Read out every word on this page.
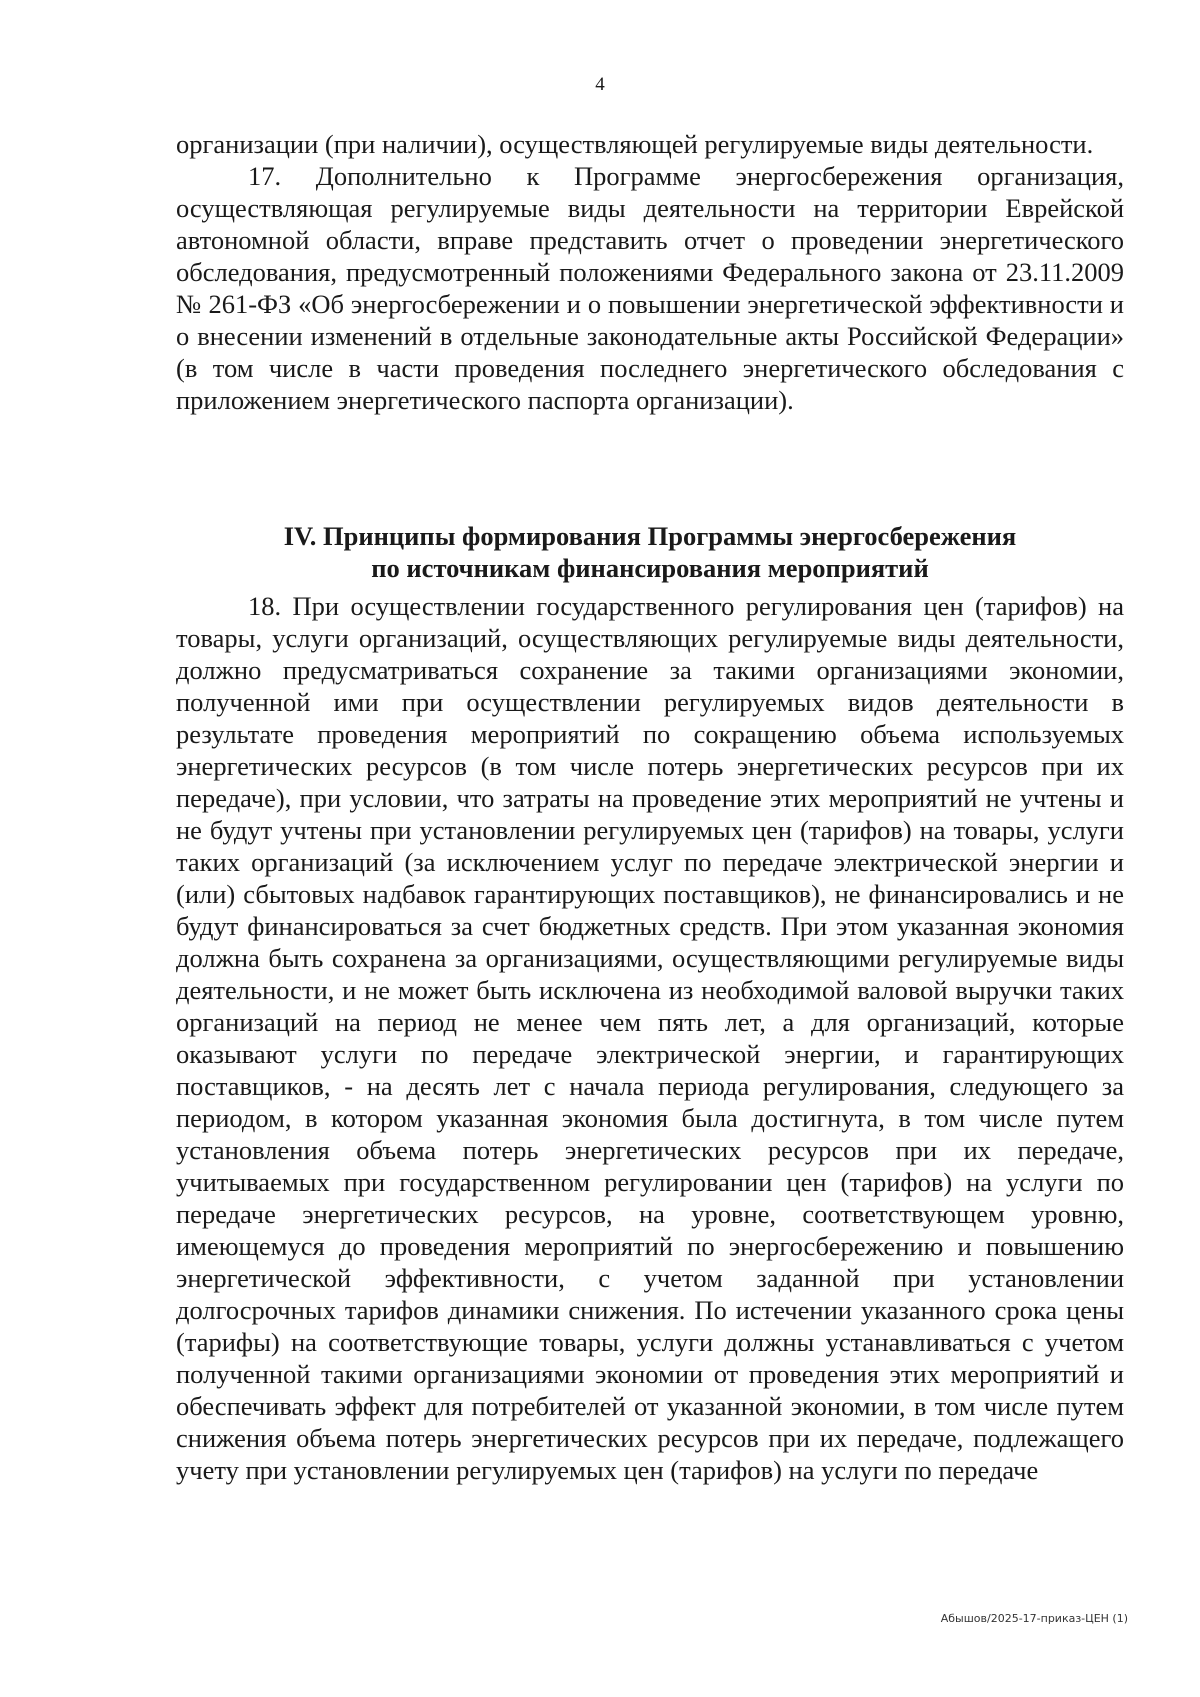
4

организации (при наличии), осуществляющей регулируемые виды деятельности.

17. Дополнительно к Программе энергосбережения организация, осуществляющая регулируемые виды деятельности на территории Еврейской автономной области, вправе представить отчет о проведении энергетического обследования, предусмотренный положениями Федерального закона от 23.11.2009 № 261-ФЗ «Об энергосбережении и о повышении энергетической эффективности и о внесении изменений в отдельные законодательные акты Российской Федерации» (в том числе в части проведения последнего энергетического обследования с приложением энергетического паспорта организации).

IV. Принципы формирования Программы энергосбережения
по источникам финансирования мероприятий

18. При осуществлении государственного регулирования цен (тарифов) на товары, услуги организаций, осуществляющих регулируемые виды деятельности, должно предусматриваться сохранение за такими организациями экономии, полученной ими при осуществлении регулируемых видов деятельности в результате проведения мероприятий по сокращению объема используемых энергетических ресурсов (в том числе потерь энергетических ресурсов при их передаче), при условии, что затраты на проведение этих мероприятий не учтены и не будут учтены при установлении регулируемых цен (тарифов) на товары, услуги таких организаций (за исключением услуг по передаче электрической энергии и (или) сбытовых надбавок гарантирующих поставщиков), не финансировались и не будут финансироваться за счет бюджетных средств. При этом указанная экономия должна быть сохранена за организациями, осуществляющими регулируемые виды деятельности, и не может быть исключена из необходимой валовой выручки таких организаций на период не менее чем пять лет, а для организаций, которые оказывают услуги по передаче электрической энергии, и гарантирующих поставщиков, - на десять лет с начала периода регулирования, следующего за периодом, в котором указанная экономия была достигнута, в том числе путем установления объема потерь энергетических ресурсов при их передаче, учитываемых при государственном регулировании цен (тарифов) на услуги по передаче энергетических ресурсов, на уровне, соответствующем уровню, имеющемуся до проведения мероприятий по энергосбережению и повышению энергетической эффективности, с учетом заданной при установлении долгосрочных тарифов динамики снижения. По истечении указанного срока цены (тарифы) на соответствующие товары, услуги должны устанавливаться с учетом полученной такими организациями экономии от проведения этих мероприятий и обеспечивать эффект для потребителей от указанной экономии, в том числе путем снижения объема потерь энергетических ресурсов при их передаче, подлежащего учету при установлении регулируемых цен (тарифов) на услуги по передаче

Абышов/2025-17-приказ-ЦЕН (1)
